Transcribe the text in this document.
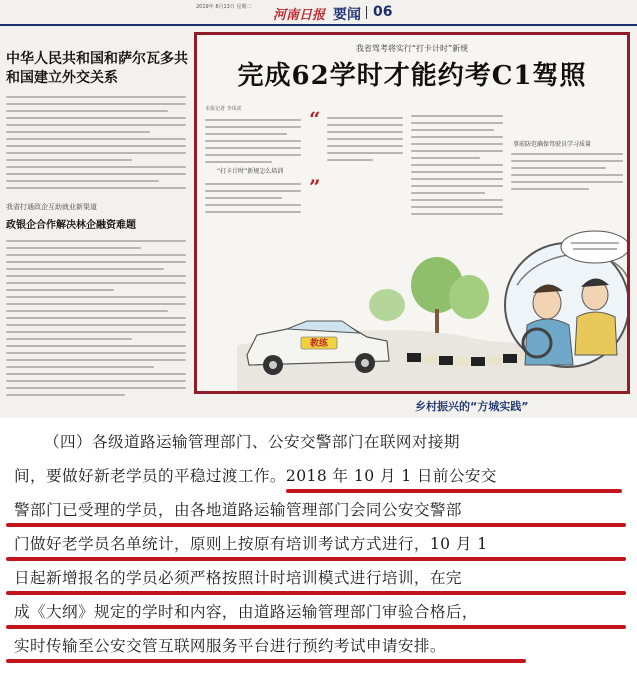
2019年 8月13日 星期二
河南日报 要闻 06
中华人民共和国和萨尔瓦多共和国建立外交关系
我省打通政企互助就业新渠道
政银企合作解决林企融资难题
我省驾考将实行“打卡计时”新规
完成62学时才能约考C1驾照
本报记者 李凤虎
“打卡计时”新规怎么培训
“
”
事前防范确保驾驶员学习质量
教练
乡村振兴的“方城实践”
（四）各级道路运输管理部门、公安交警部门在联网对接期
间，要做好新老学员的平稳过渡工作。2018 年 10 月 1 日前公安交
警部门已受理的学员，由各地道路运输管理部门会同公安交警部
门做好老学员名单统计，原则上按原有培训考试方式进行，10 月 1
日起新增报名的学员必须严格按照计时培训模式进行培训，在完
成《大纲》规定的学时和内容，由道路运输管理部门审验合格后，
实时传输至公安交管互联网服务平台进行预约考试申请安排。
